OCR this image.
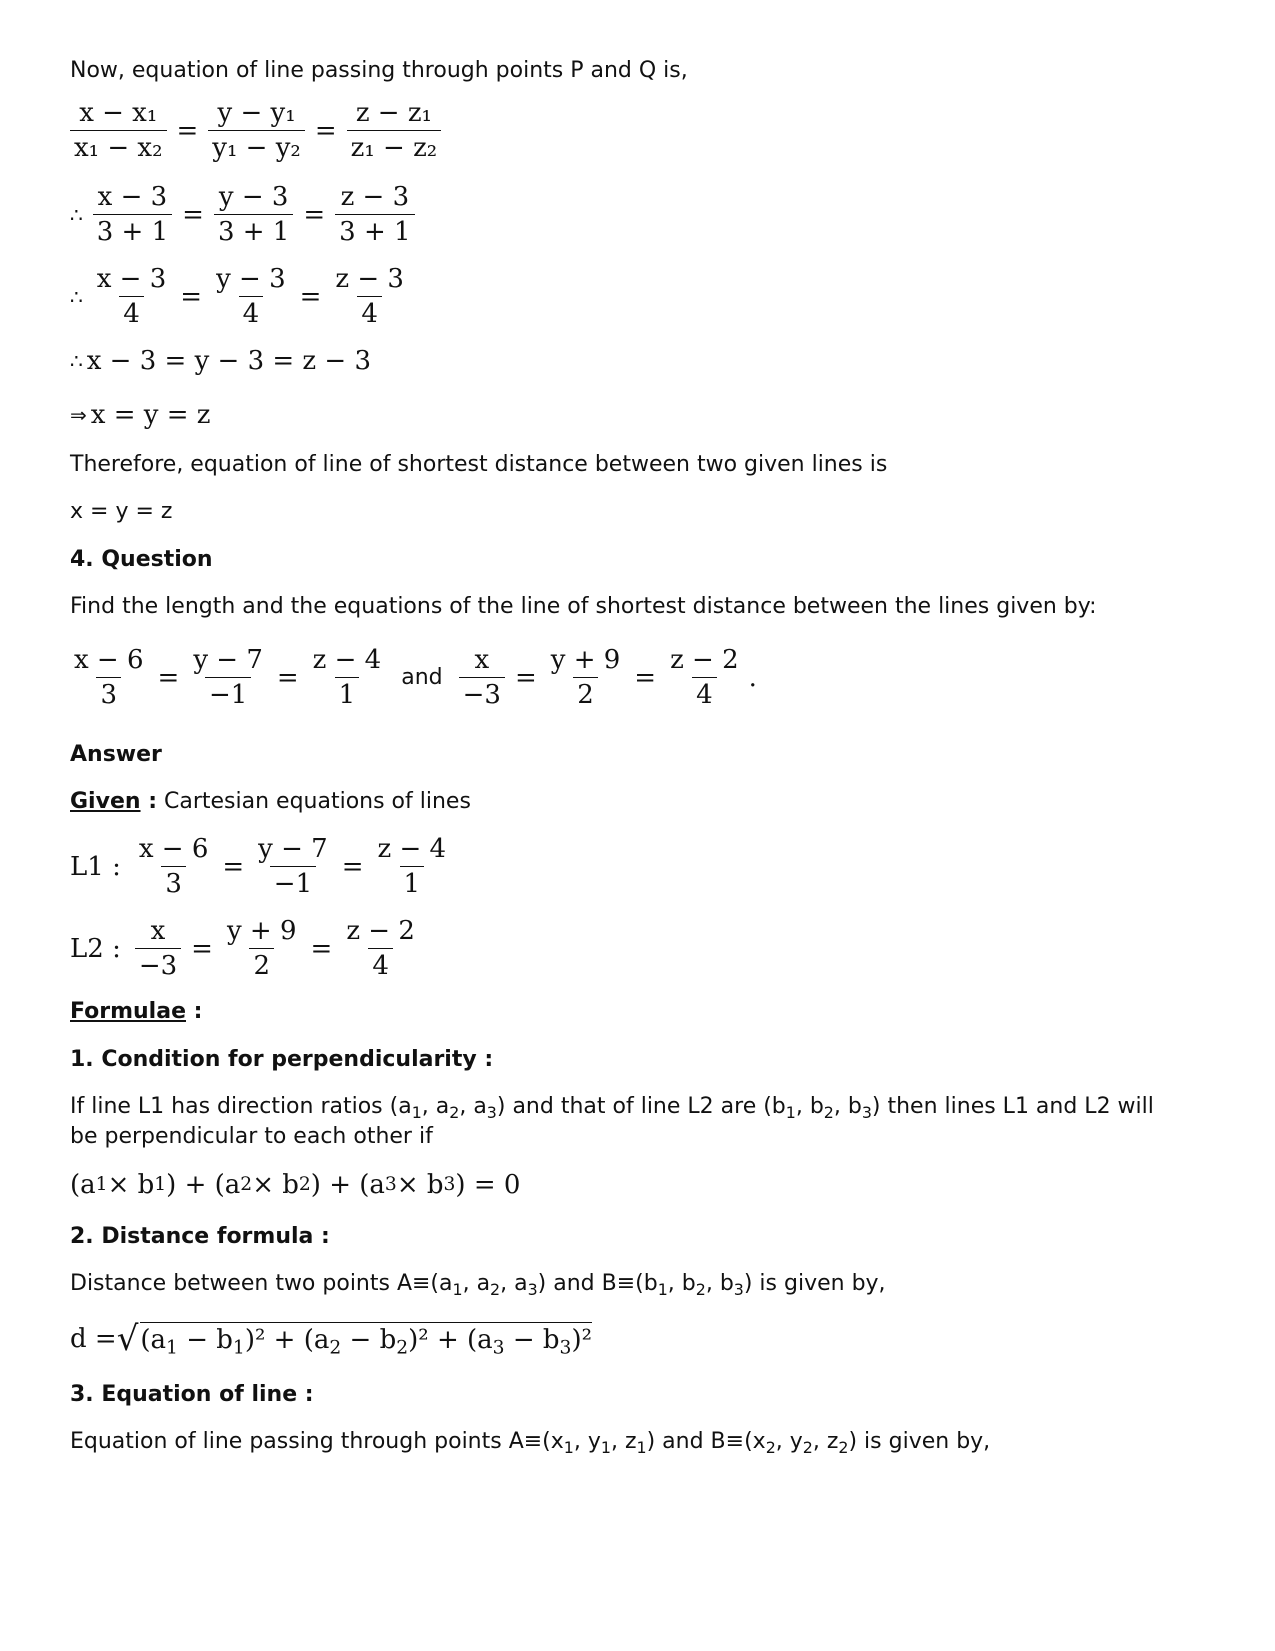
Now, equation of line passing through points P and Q is,

$\frac{\text{x − x₁}}{\text{x₁ − x₂}} = \frac{\text{y − y₁}}{\text{y₁ − y₂}} = \frac{\text{z − z₁}}{\text{z₁ − z₂}}$
∴ $\frac{x - 3}{3 + 1} = \frac{y - 3}{3 + 1} = \frac{z - 3}{3 + 1}$
∴ $\frac{x - 3}{4} = \frac{y - 3}{4} = \frac{z - 3}{4}$
∴ x − 3 = y − 3 = z − 3
⇒ x = y = z

Therefore, equation of line of shortest distance between two given lines is

x = y = z

4. Question

Find the length and the equations of the line of shortest distance between the lines given by:

$\frac{x - 6}{3} = \frac{y - 7}{-1} = \frac{z - 4}{1}$ and $\frac{x}{-3} = \frac{y + 9}{2} = \frac{z - 2}{4}$ .

Answer

Given : Cartesian equations of lines

L1 : $\frac{x - 6}{3} = \frac{y - 7}{-1} = \frac{z - 4}{1}$
L2 : $\frac{x}{-3} = \frac{y + 9}{2} = \frac{z - 2}{4}$

Formulae :

1. Condition for perpendicularity :

If line L1 has direction ratios ($a_1$, $a_2$, $a_3$) and that of line L2 are ($b_1$, $b_2$, $b_3$) then lines L1 and L2 will be perpendicular to each other if

(a 1 × b 1 ) + (a 2 × b 2 ) + (a 3 × b 3 ) = 0

2. Distance formula :

Distance between two points $A\equiv(a_1$, $a_2$, $a_3$) and $B\equiv(b_1$, $b_2$, $b_3$) is given by,

d = √ $(a_1 - b_1)^2 + (a_2 - b_2)^2 + (a_3 - b_3)^2$

3. Equation of line :

Equation of line passing through points $A\equiv(x_1$, $y_1$, $z_1$) and $B\equiv(x_2$, $y_2$, $z_2$) is given by,
